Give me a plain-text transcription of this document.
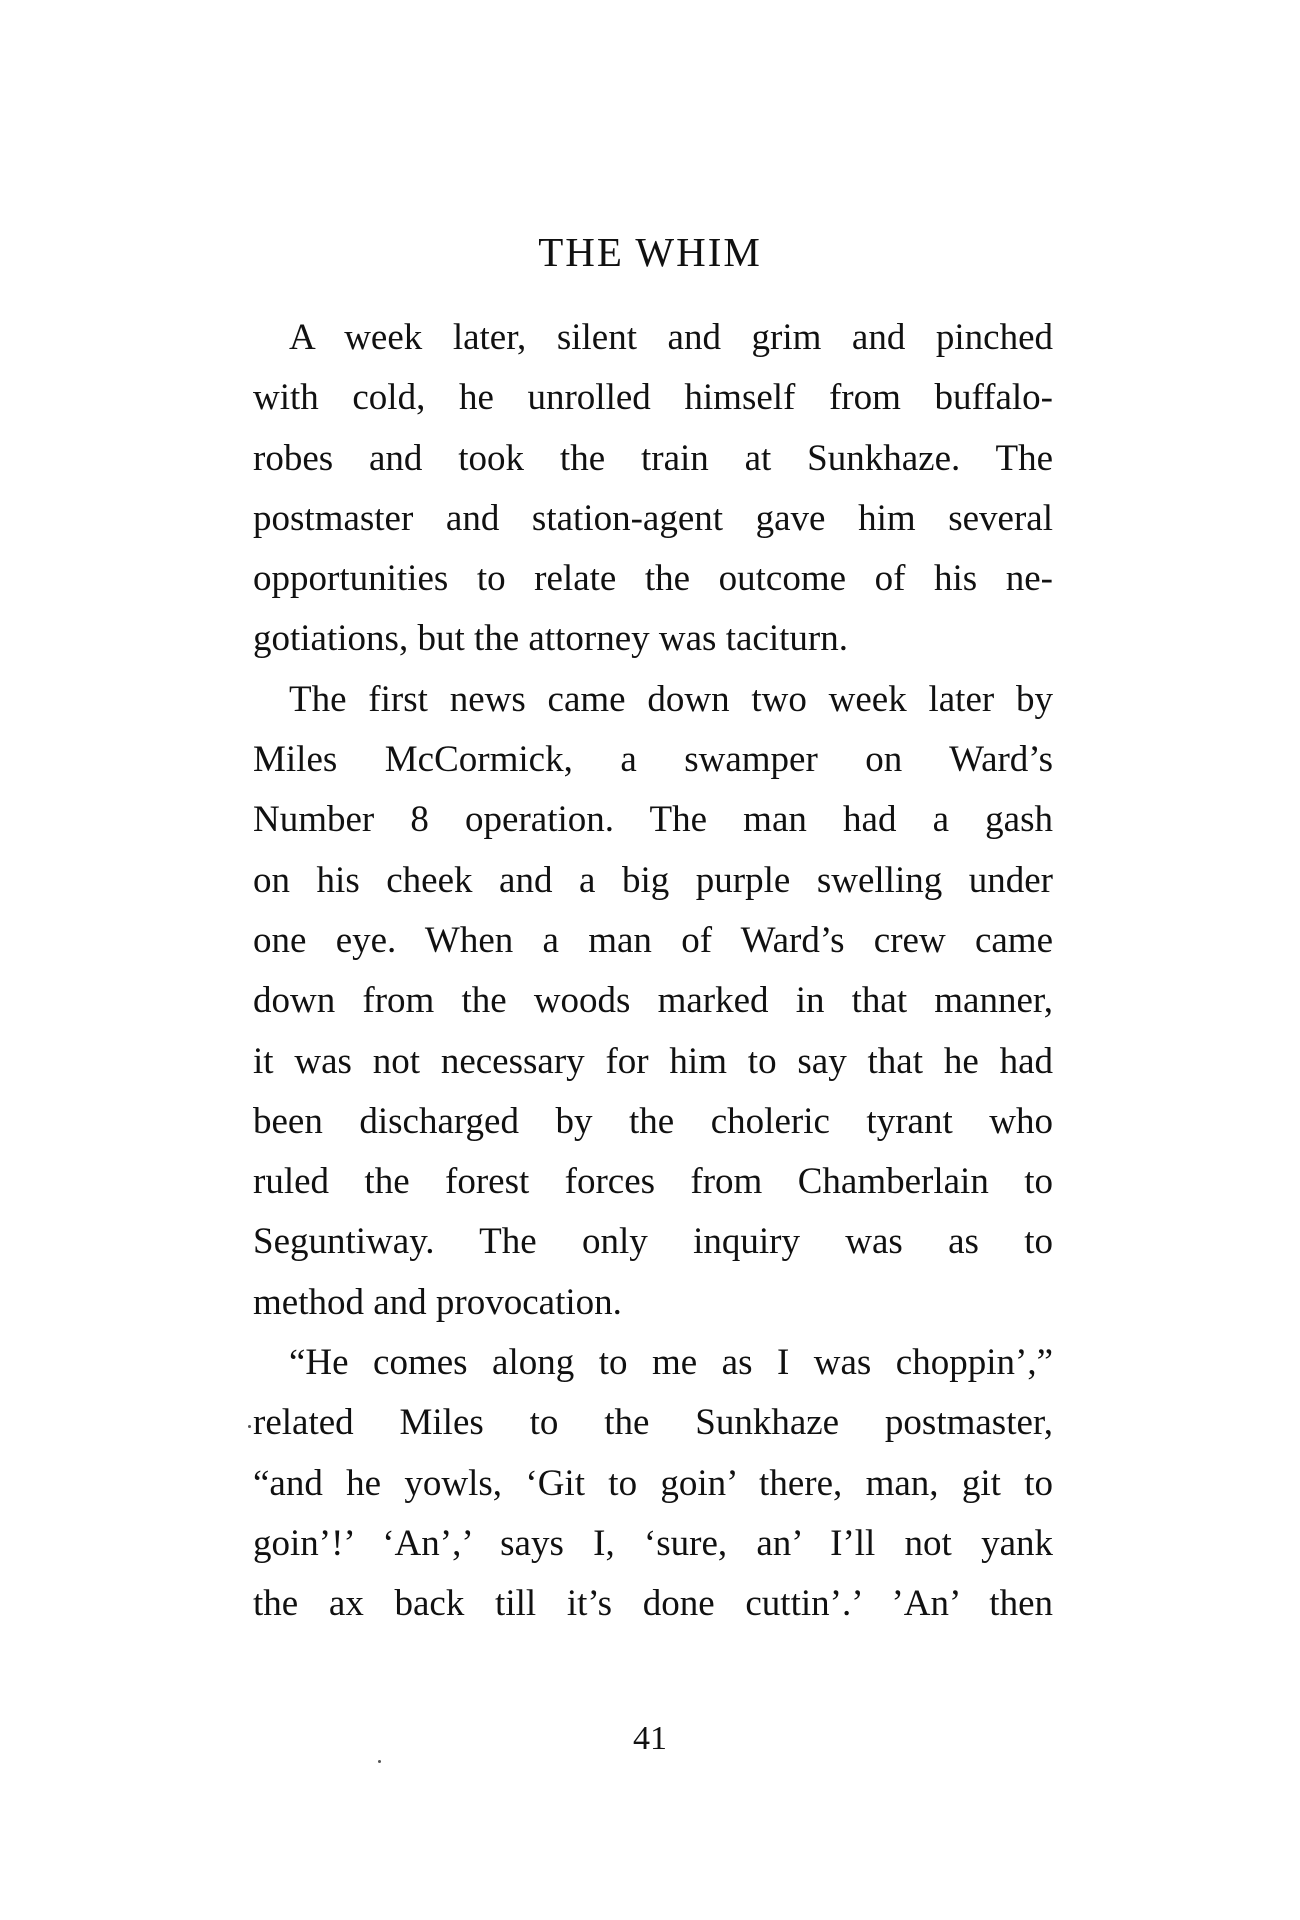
THE WHIM
A week later, silent and grim and pinched
with cold, he unrolled himself from buffalo-
robes and took the train at Sunkhaze. The
postmaster and station-agent gave him several
opportunities to relate the outcome of his ne-
gotiations, but the attorney was taciturn.
The first news came down two week later by
Miles McCormick, a swamper on Ward’s
Number 8 operation. The man had a gash
on his cheek and a big purple swelling under
one eye. When a man of Ward’s crew came
down from the woods marked in that manner,
it was not necessary for him to say that he had
been discharged by the choleric tyrant who
ruled the forest forces from Chamberlain to
Seguntiway. The only inquiry was as to
method and provocation.
“He comes along to me as I was choppin’,”
related Miles to the Sunkhaze postmaster,
“and he yowls, ‘Git to goin’ there, man, git to
goin’!’ ‘An’,’ says I, ‘sure, an’ I’ll not yank
the ax back till it’s done cuttin’.’ ’An’ then
41
